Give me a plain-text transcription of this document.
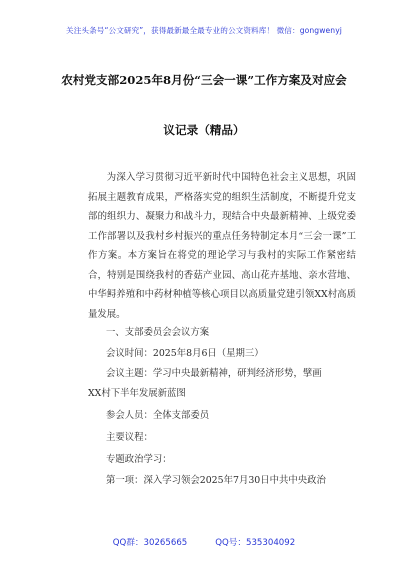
关注头条号“公文研究”，获得最新最全最专业的公文资料库！ 微信：gongwenyj
农村党支部2025年8月份“三会一课”工作方案及对应会
议记录（精品）

为深入学习贯彻习近平新时代中国特色社会主义思想，巩固拓展主题教育成果，严格落实党的组织生活制度，不断提升党支部的组织力、凝聚力和战斗力，现结合中央最新精神、上级党委工作部署以及我村乡村振兴的重点任务特制定本月“三会一课”工作方案。本方案旨在将党的理论学习与我村的实际工作紧密结合，特别是围绕我村的香菇产业园、高山花卉基地、亲水营地、中华鲟养殖和中药材种植等核心项目以高质量党建引领XX村高质量发展。

一、支部委员会会议方案
会议时间：2025年8月6日（星期三）
会议主题：学习中央最新精神，研判经济形势，擘画
XX村下半年发展新蓝图
参会人员：全体支部委员
主要议程：
专题政治学习：
第一项：深入学习领会2025年7月30日中共中央政治
QQ群：30265665	QQ号：535304092
